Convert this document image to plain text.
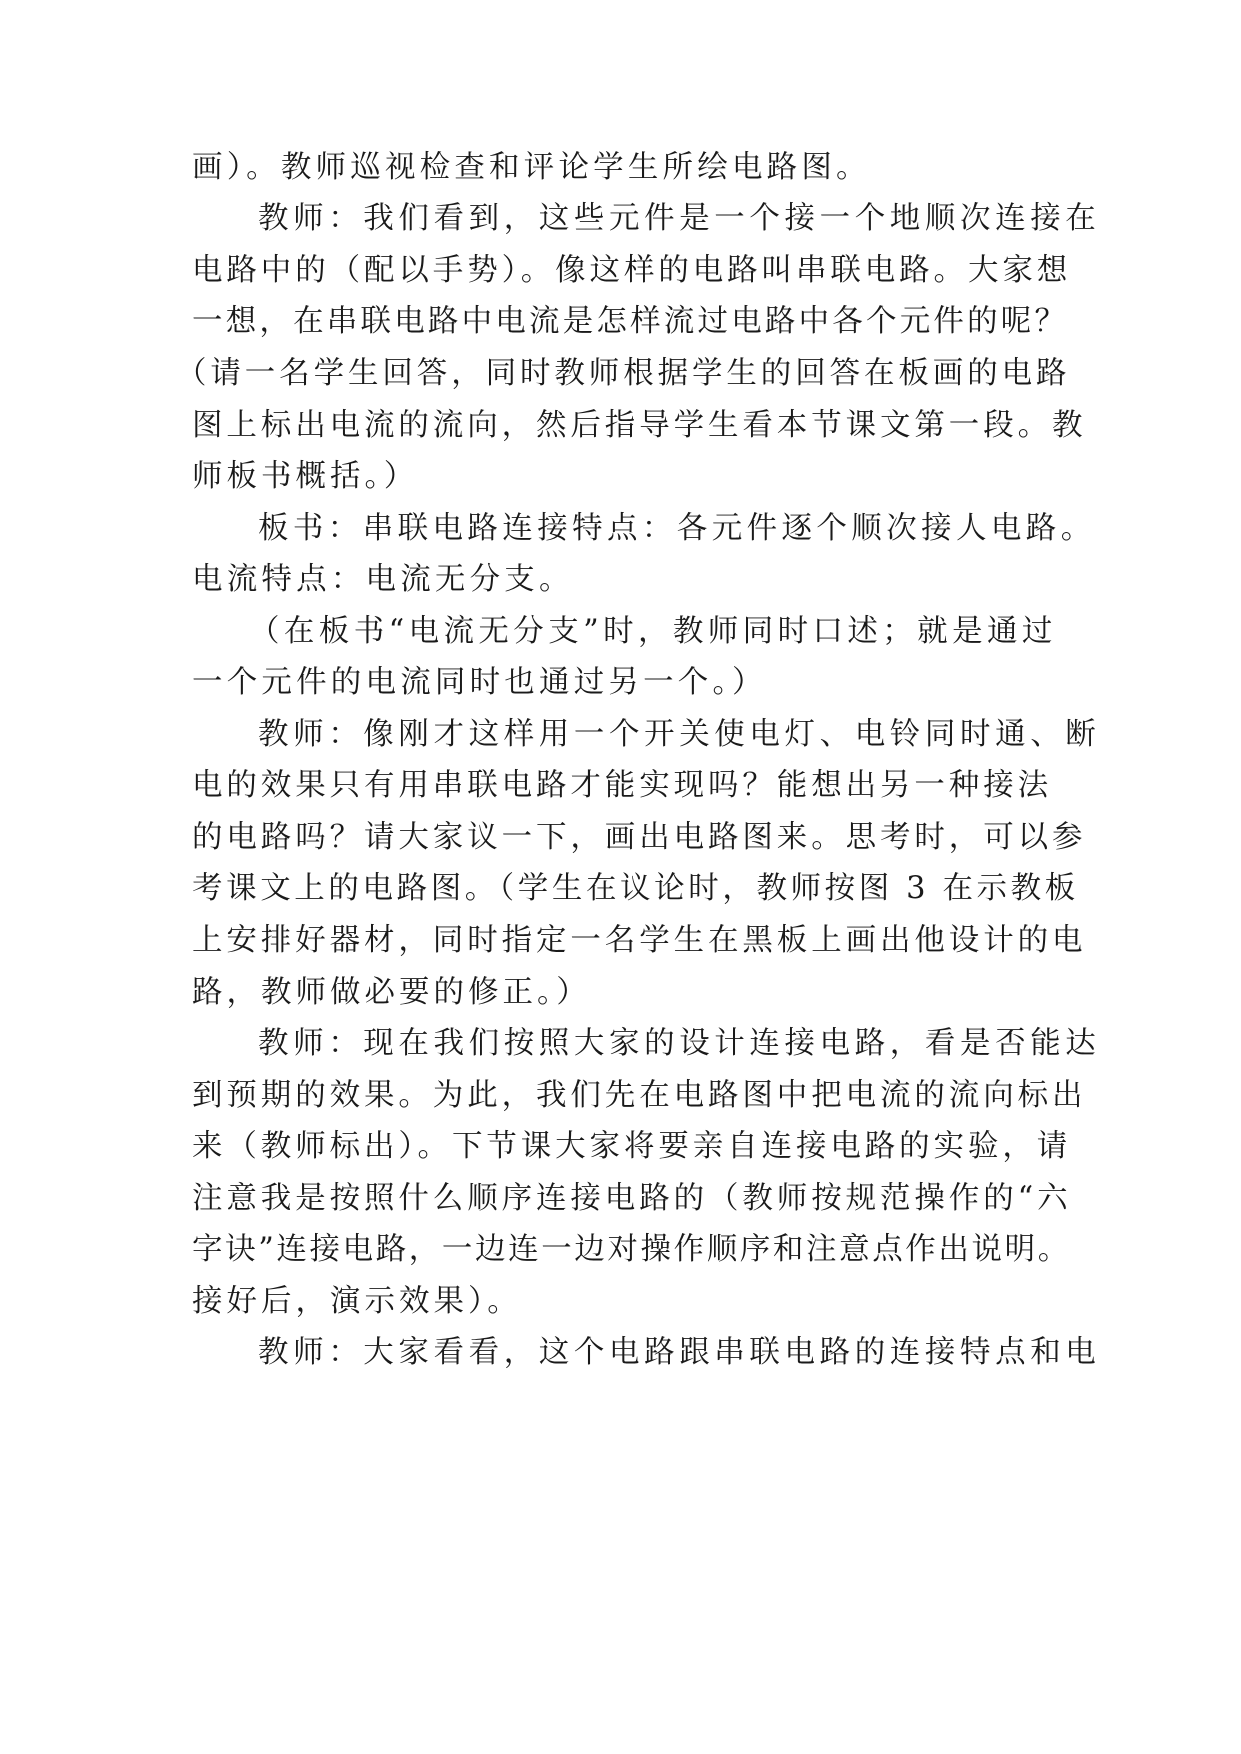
画）。教师巡视检查和评论学生所绘电路图。
教师：我们看到，这些元件是一个接一个地顺次连接在
电路中的（配以手势）。像这样的电路叫串联电路。大家想
一想，在串联电路中电流是怎样流过电路中各个元件的呢？
（请一名学生回答，同时教师根据学生的回答在板画的电路
图上标出电流的流向，然后指导学生看本节课文第一段。教
师板书概括。）
板书：串联电路连接特点：各元件逐个顺次接人电路。
电流特点：电流无分支。
（在板书“电流无分支”时，教师同时口述；就是通过
一个元件的电流同时也通过另一个。）
教师：像刚才这样用一个开关使电灯、电铃同时通、断
电的效果只有用串联电路才能实现吗？能想出另一种接法
的电路吗？请大家议一下，画出电路图来。思考时，可以参
考课文上的电路图。（学生在议论时，教师按图 3 在示教板
上安排好器材，同时指定一名学生在黑板上画出他设计的电
路，教师做必要的修正。）
教师：现在我们按照大家的设计连接电路，看是否能达
到预期的效果。为此，我们先在电路图中把电流的流向标出
来（教师标出）。下节课大家将要亲自连接电路的实验，请
注意我是按照什么顺序连接电路的（教师按规范操作的“六
字诀”连接电路，一边连一边对操作顺序和注意点作出说明。
接好后，演示效果）。
教师：大家看看，这个电路跟串联电路的连接特点和电
